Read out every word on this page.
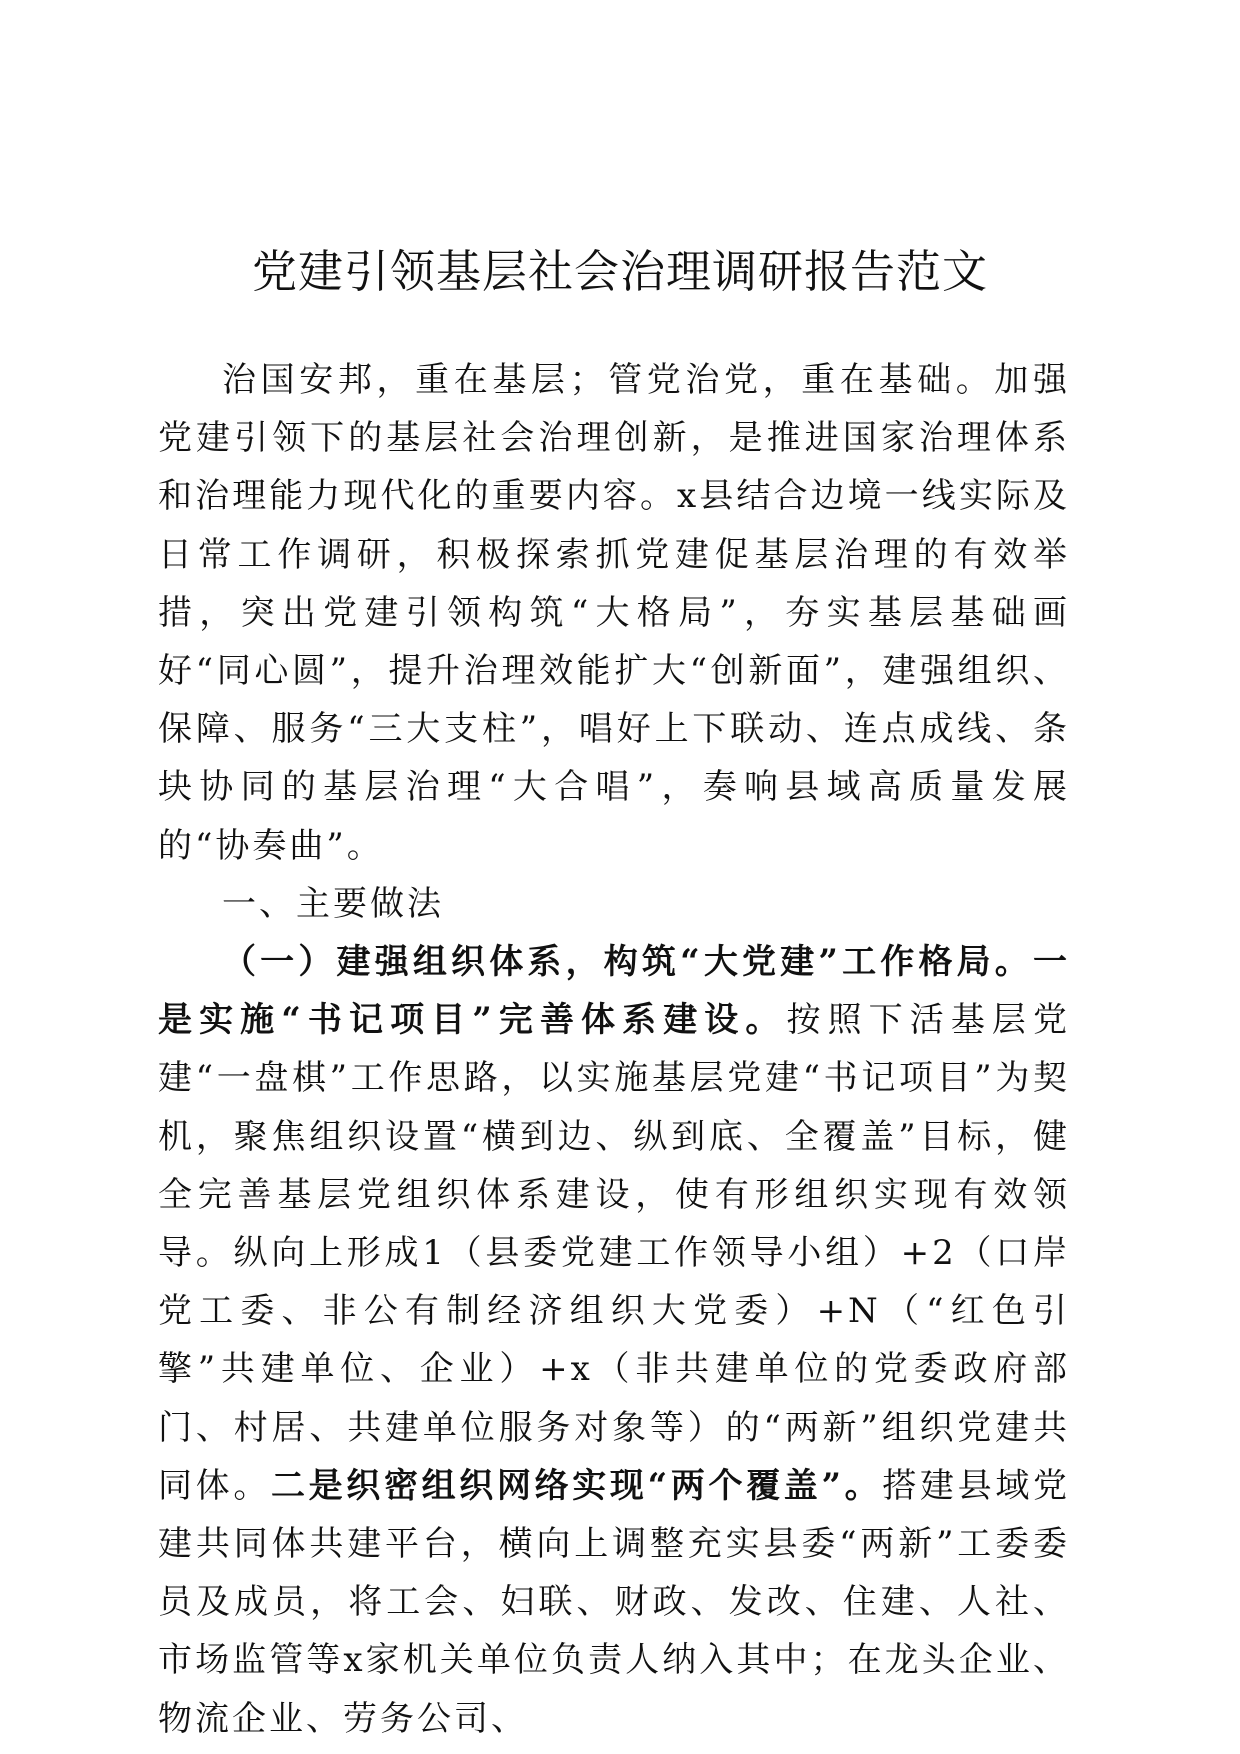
党建引领基层社会治理调研报告范文

治国安邦，重在基层；管党治党，重在基础。加强党建引领下的基层社会治理创新，是推进国家治理体系和治理能力现代化的重要内容。x县结合边境一线实际及日常工作调研，积极探索抓党建促基层治理的有效举措，突出党建引领构筑“大格局”，夯实基层基础画好“同心圆”，提升治理效能扩大“创新面”，建强组织、保障、服务“三大支柱”，唱好上下联动、连点成线、条块协同的基层治理“大合唱”，奏响县域高质量发展的“协奏曲”。

一、主要做法

（一）建强组织体系，构筑“大党建”工作格局。一是实施“书记项目”完善体系建设。按照下活基层党建“一盘棋”工作思路，以实施基层党建“书记项目”为契机，聚焦组织设置“横到边、纵到底、全覆盖”目标，健全完善基层党组织体系建设，使有形组织实现有效领导。纵向上形成1（县委党建工作领导小组）+2（口岸党工委、非公有制经济组织大党委）+N（“红色引擎”共建单位、企业）+x（非共建单位的党委政府部门、村居、共建单位服务对象等）的“两新”组织党建共同体。二是织密组织网络实现“两个覆盖”。搭建县域党建共同体共建平台，横向上调整充实县委“两新”工委委员及成员，将工会、妇联、财政、发改、住建、人社、市场监管等x家机关单位负责人纳入其中；在龙头企业、物流企业、劳务公司、
